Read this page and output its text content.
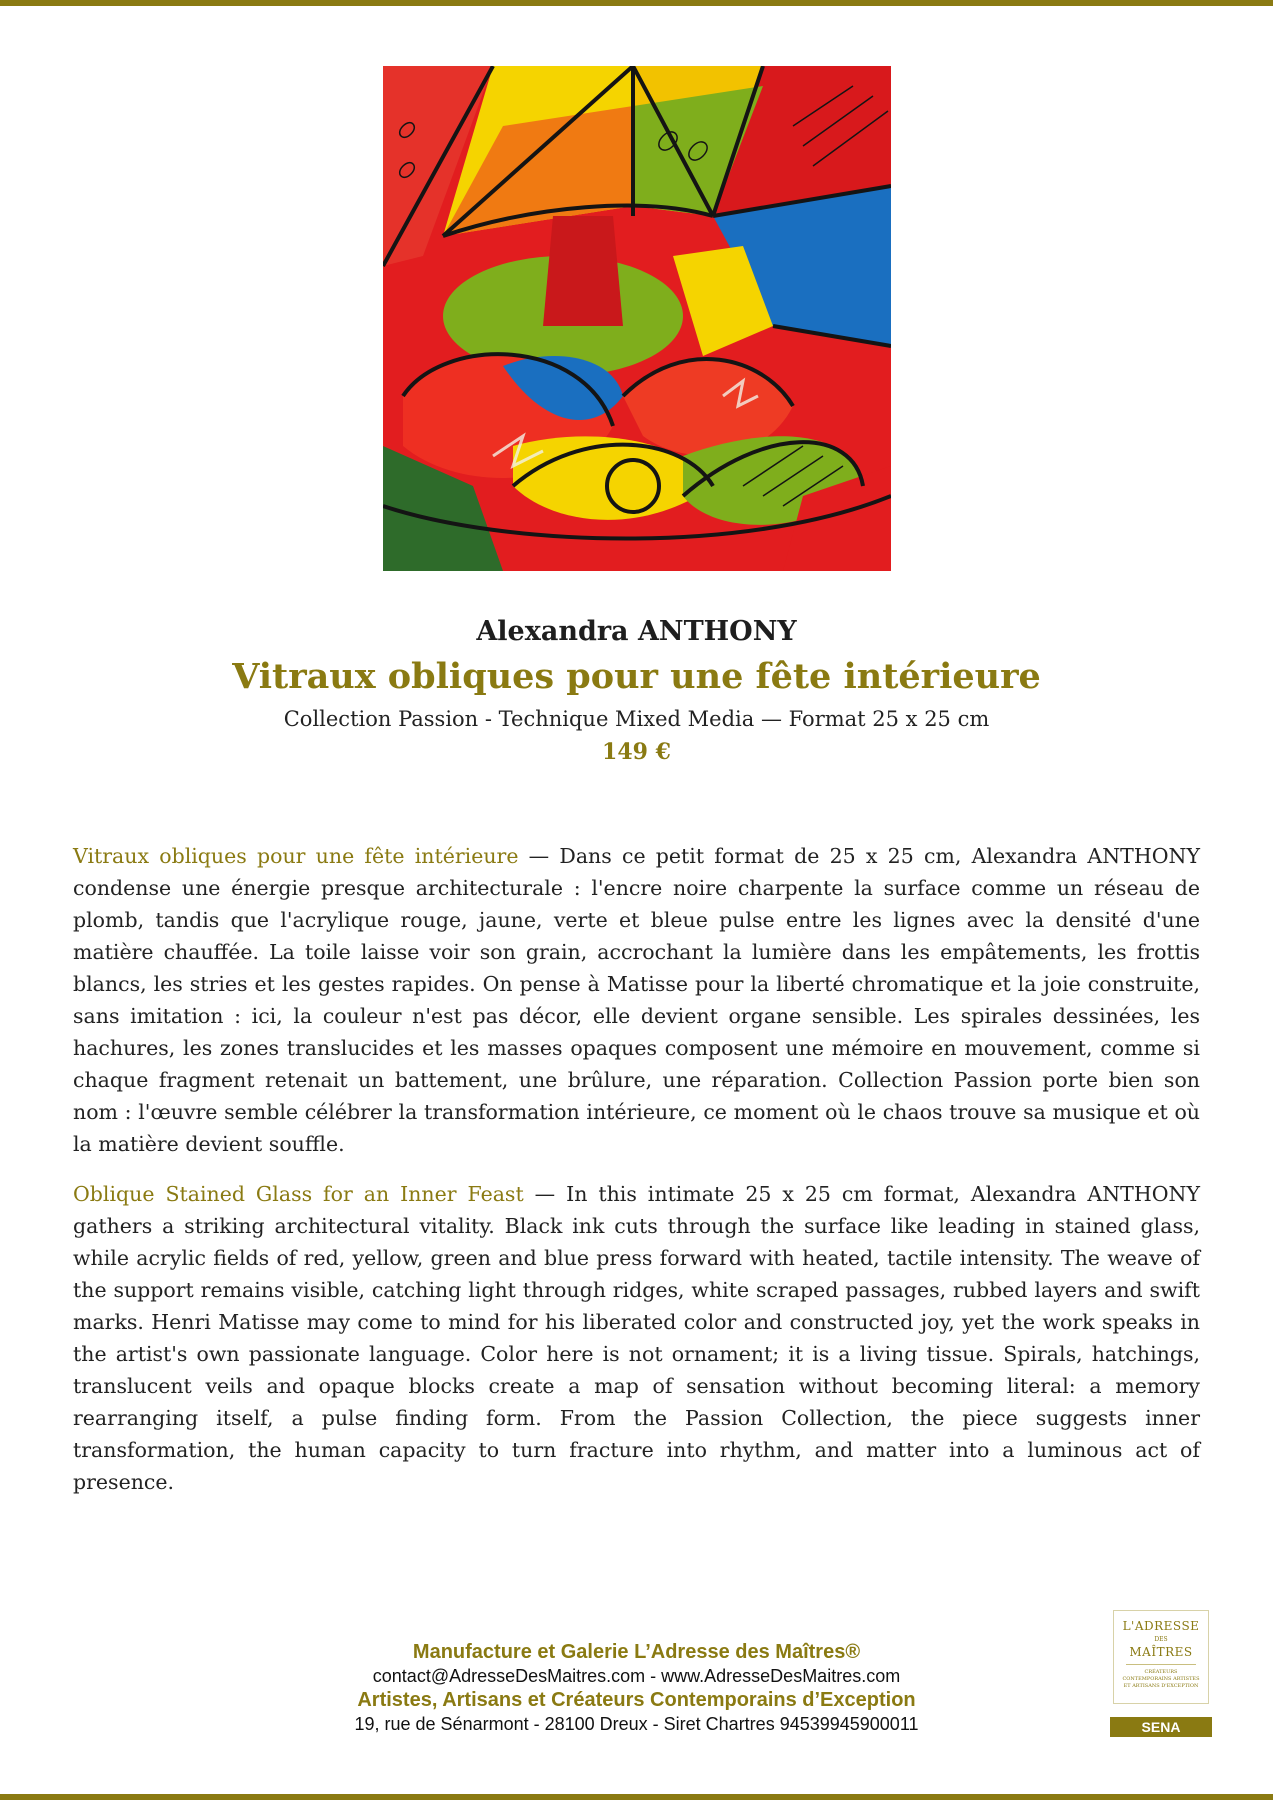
Alexandra ANTHONY
Vitraux obliques pour une fête intérieure
Collection Passion - Technique Mixed Media — Format 25 x 25 cm
149 €

Vitraux obliques pour une fête intérieure — Dans ce petit format de 25 x 25 cm, Alexandra ANTHONY condense une énergie presque architecturale : l'encre noire charpente la surface comme un réseau de plomb, tandis que l'acrylique rouge, jaune, verte et bleue pulse entre les lignes avec la densité d'une matière chauffée. La toile laisse voir son grain, accrochant la lumière dans les empâtements, les frottis blancs, les stries et les gestes rapides. On pense à Matisse pour la liberté chromatique et la joie construite, sans imitation : ici, la couleur n'est pas décor, elle devient organe sensible. Les spirales dessinées, les hachures, les zones translucides et les masses opaques composent une mémoire en mouvement, comme si chaque fragment retenait un battement, une brûlure, une réparation. Collection Passion porte bien son nom : l'œuvre semble célébrer la transformation intérieure, ce moment où le chaos trouve sa musique et où la matière devient souffle.

Oblique Stained Glass for an Inner Feast — In this intimate 25 x 25 cm format, Alexandra ANTHONY gathers a striking architectural vitality. Black ink cuts through the surface like leading in stained glass, while acrylic fields of red, yellow, green and blue press forward with heated, tactile intensity. The weave of the support remains visible, catching light through ridges, white scraped passages, rubbed layers and swift marks. Henri Matisse may come to mind for his liberated color and constructed joy, yet the work speaks in the artist's own passionate language. Color here is not ornament; it is a living tissue. Spirals, hatchings, translucent veils and opaque blocks create a map of sensation without becoming literal: a memory rearranging itself, a pulse finding form. From the Passion Collection, the piece suggests inner transformation, the human capacity to turn fracture into rhythm, and matter into a luminous act of presence.

Manufacture et Galerie L’Adresse des Maîtres®
contact@AdresseDesMaitres.com - www.AdresseDesMaitres.com
Artistes, Artisans et Créateurs Contemporains d’Exception
19, rue de Sénarmont - 28100 Dreux - Siret Chartres 94539945900011
L'ADRESSE
DES
MAÎTRES
CRÉATEURS CONTEMPORAINS ARTISTES ET ARTISANS D'EXCEPTION
SENA
